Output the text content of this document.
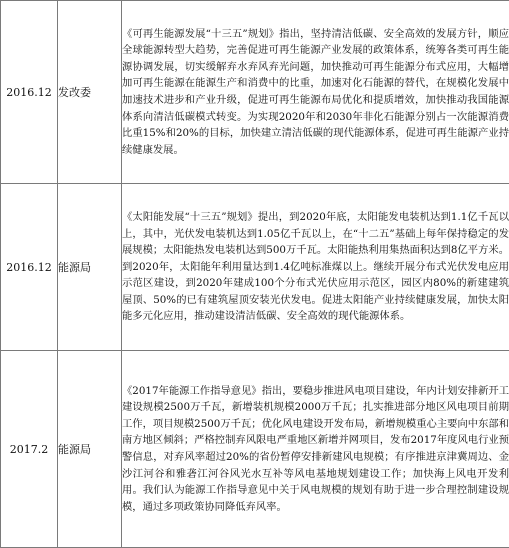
2016.12	发改委	《可再生能源发展“十三五”规划》指出，坚持清洁低碳、安全高效的发展方针，顺应全球能源转型大趋势，完善促进可再生能源产业发展的政策体系，统筹各类可再生能源协调发展，切实缓解弃水弃风弃光问题，加快推动可再生能源分布式应用，大幅增加可再生能源在能源生产和消费中的比重，加速对化石能源的替代，在规模化发展中加速技术进步和产业升级，促进可再生能源布局优化和提质增效，加快推动我国能源体系向清洁低碳模式转变。为实现2020年和2030年非化石能源分别占一次能源消费比重15%和20%的目标，加快建立清洁低碳的现代能源体系，促进可再生能源产业持续健康发展。

2016.12	能源局	《太阳能发展“十三五”规划》提出，到2020年底，太阳能发电装机达到1.1亿千瓦以上，其中，光伏发电装机达到1.05亿千瓦以上，在“十二五”基础上每年保持稳定的发展规模；太阳能热发电装机达到500万千瓦。太阳能热利用集热面积达到8亿平方米。到2020年，太阳能年利用量达到1.4亿吨标准煤以上。继续开展分布式光伏发电应用示范区建设，到2020年建成100个分布式光伏应用示范区，园区内80%的新建建筑屋顶、50%的已有建筑屋顶安装光伏发电。促进太阳能产业持续健康发展，加快太阳能多元化应用，推动建设清洁低碳、安全高效的现代能源体系。

2017.2	能源局	《2017年能源工作指导意见》指出，要稳步推进风电项目建设，年内计划安排新开工建设规模2500万千瓦，新增装机规模2000万千瓦；扎实推进部分地区风电项目前期工作，项目规模2500万千瓦；优化风电建设开发布局，新增规模重心主要向中东部和南方地区倾斜；严格控制弃风限电严重地区新增并网项目，发布2017年度风电行业预警信息，对弃风率超过20%的省份暂停安排新建风电规模；有序推进京津冀周边、金沙江河谷和雅砻江河谷风光水互补等风电基地规划建设工作；加快海上风电开发利用。我们认为能源工作指导意见中关于风电规模的规划有助于进一步合理控制建设规模，通过多项政策协同降低弃风率。
